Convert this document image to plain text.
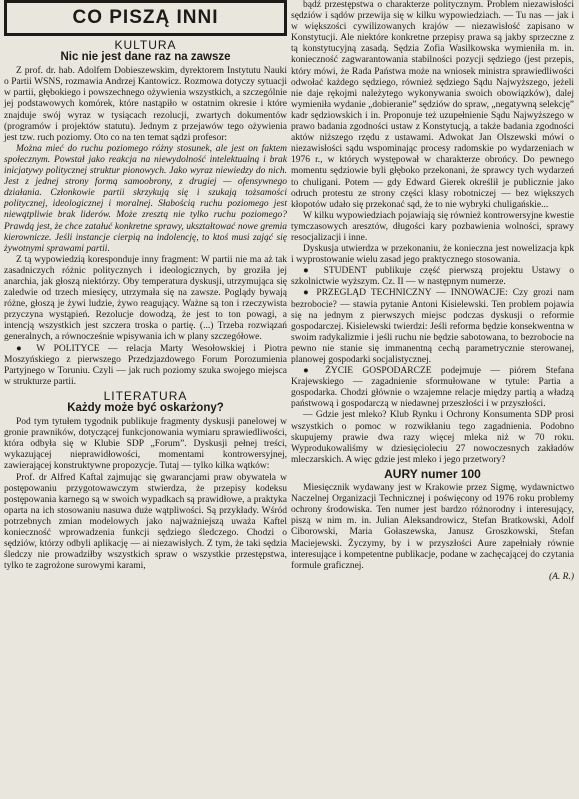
CO PISZĄ INNI
KULTURA
Nic nie jest dane raz na zawsze

Z prof. dr. hab. Adolfem Dobieszewskim, dyrektorem Instytutu Nauki o Partii WSNS, rozmawia Andrzej Kantowicz. Rozmowa dotyczy sytuacji w partii, głębokiego i powszechnego ożywienia wszystkich, a szczególnie jej podstawowych komórek, które nastąpiło w ostatnim okresie i które znajduje swój wyraz w tysiącach rezolucji, zwartych dokumentów (programów i projektów statutu). Jednym z przejawów tego ożywienia jest tzw. ruch poziomy. Oto co na ten temat sądzi profesor:

Można mieć do ruchu poziomego różny stosunek, ale jest on faktem społecznym. Powstał jako reakcja na niewydolność intelektualną i brak inicjatywy politycznej struktur pionowych. Jako wyraz niewiedzy do nich. Jest z jednej strony formą samoobrony, z drugiej — ofensywnego działania. Członkowie partii skrzykują się i szukają tożsamości politycznej, ideologicznej i moralnej. Słabością ruchu poziomego jest niewątpliwie brak liderów. Może zresztą nie tylko ruchu poziomego? Prawdą jest, że chce zatałuć konkretne sprawy, ukształtować nowe gremia kierownicze. Jeśli instancje cierpią na indolencję, to ktoś musi zająć się żywotnymi sprawami partii.

Z tą wypowiedzią koresponduje inny fragment: W partii nie ma aż tak zasadniczych różnic politycznych i ideologicznych, by groziła jej anarchia, jak głoszą niektórzy. Oby temperatura dyskusji, utrzymująca się zaledwie od trzech miesięcy, utrzymała się na zawsze. Poglądy bywają różne, głoszą je żywi ludzie, żywo reagujący. Ważne są ton i rzeczywista przyczyna wystąpień. Rezolucje dowodzą, że jest to ton powagi, a intencją wszystkich jest szczera troska o partię. (...) Trzeba rozwiązań generalnych, a równocześnie wpisywania ich w plany szczegółowe.

● W POLITYCE — relacja Marty Wesołowskiej i Piotra Moszyńskiego z pierwszego Przedzjazdowego Forum Porozumienia Partyjnego w Toruniu. Czyli — jak ruch poziomy szuka swojego miejsca w strukturze partii.

LITERATURA
Każdy może być oskarżony?

Pod tym tytułem tygodnik publikuje fragmenty dyskusji panelowej w gronie prawników, dotyczącej funkcjonowania wymiaru sprawiedliwości, która odbyła się w Klubie SDP „Forum”. Dyskusji pełnej treści, wykazującej nieprawidłowości, momentami kontrowersyjnej, zawierającej konstruktywne propozycje. Tutaj — tylko kilka wątków:

Prof. dr Alfred Kaftal zajmując się gwarancjami praw obywatela w postępowaniu przygotowawczym stwierdza, że przepisy kodeksu postępowania karnego są w swoich wypadkach są prawidłowe, a praktyka oparta na ich stosowaniu nasuwa duże wątpliwości. Są przykłady. Wśród potrzebnych zmian modelowych jako najważniejszą uważa Kaftel konieczność wprowadzenia funkcji sędziego śledczego. Chodzi o sędziów, którzy odbyli aplikację — ai niezawisłych. Z tym, że taki sędzia śledczy nie prowadziłby wszystkich spraw o wszystkie przestępstwa, tylko te zagrożone surowymi karami,

bądź przestępstwa o charakterze politycznym. Problem niezawisłości sędziów i sądów przewija się w kilku wypowiedziach. — Tu nas — jak i w większości cywilizowanych krajów — niezawisłość zapisano w Konstytucji. Ale niektóre konkretne przepisy prawa są jakby sprzeczne z tą konstytucyjną zasadą. Sędzia Zofia Wasilkowska wymieniła m. in. konieczność zagwarantowania stabilności pozycji sędziego (jest przepis, który mówi, że Rada Państwa może na wniosek ministra sprawiedliwości odwołać każdego sędziego, również sędziego Sądu Najwyższego, jeżeli nie daje rękojmi należytego wykonywania swoich obowiązków), dalej wymieniła wydanie „dobieranie” sędziów do spraw, „negatywną selekcję” kadr sędziowskich i in. Proponuje też uzupełnienie Sądu Najwyższego w prawo badania zgodności ustaw z Konstytucją, a także badania zgodności aktów niższego rzędu z ustawami. Adwokat Jan Olszewski mówi o niezawisłości sądu wspominając procesy radomskie po wydarzeniach w 1976 r., w których występował w charakterze obrońcy. Do pewnego momentu sędziowie byli głęboko przekonani, że sprawcy tych wydarzeń to chuligani. Potem — gdy Edward Gierek określił je publicznie jako odruch protestu ze strony części klasy robotniczej — bez większych kłopotów udało się przekonać sąd, że to nie wybryki chuligańskie...

W kilku wypowiedziach pojawiają się również kontrowersyjne kwestie tymczasowych aresztów, długości kary pozbawienia wolności, sprawy resocjalizacji i inne.

Dyskusja utwierdza w przekonaniu, że konieczna jest nowelizacja kpk i wyprostowanie wielu zasad jego praktycznego stosowania.

● STUDENT publikuje część pierwszą projektu Ustawy o szkolnictwie wyższym. Cz. II — w następnym numerze.

● PRZEGLĄD TECHNICZNY — INNOWACJE: Czy grozi nam bezrobocie? — stawia pytanie Antoni Kisielewski. Ten problem pojawia się na jednym z pierwszych miejsc podczas dyskusji o reformie gospodarczej. Kisielewski twierdzi: Jeśli reforma będzie konsekwentna w swoim radykalizmie i jeśli ruchu nie będzie sabotowana, to bezrobocie na pewno nie stanie się immanentną cechą parametrycznie sterowanej, planowej gospodarki socjalistycznej.

● ŻYCIE GOSPODARCZE podejmuje — piórem Stefana Krajewskiego — zagadnienie sformułowane w tytule: Partia a gospodarka. Chodzi głównie o wzajemne relacje między partią a władzą państwową i gospodarczą w niedawnej przeszłości i w przyszłości.

— Gdzie jest mleko? Klub Rynku i Ochrony Konsumenta SDP prosi wszystkich o pomoc w rozwikłaniu tego zagadnienia. Podobno skupujemy prawie dwa razy więcej mleka niż w 70 roku. Wyprodukowaliśmy w dziesięcioleciu 27 nowoczesnych zakładów mleczarskich. A więc gdzie jest mleko i jego przetwory?

AURY numer 100

Miesięcznik wydawany jest w Krakowie przez Sigmę, wydawnictwo Naczelnej Organizacji Technicznej i poświęcony od 1976 roku problemy ochrony środowiska. Ten numer jest bardzo różnorodny i interesujący, piszą w nim m. in. Julian Aleksandrowicz, Stefan Bratkowski, Adolf Ciborowski, Maria Gołaszewska, Janusz Groszkowski, Stefan Maciejewski. Życzymy, by i w przyszłości Aure zapełniały równie interesujące i kompetentne publikacje, podane w zachęcającej do czytania formule graficznej.

(A. R.)
